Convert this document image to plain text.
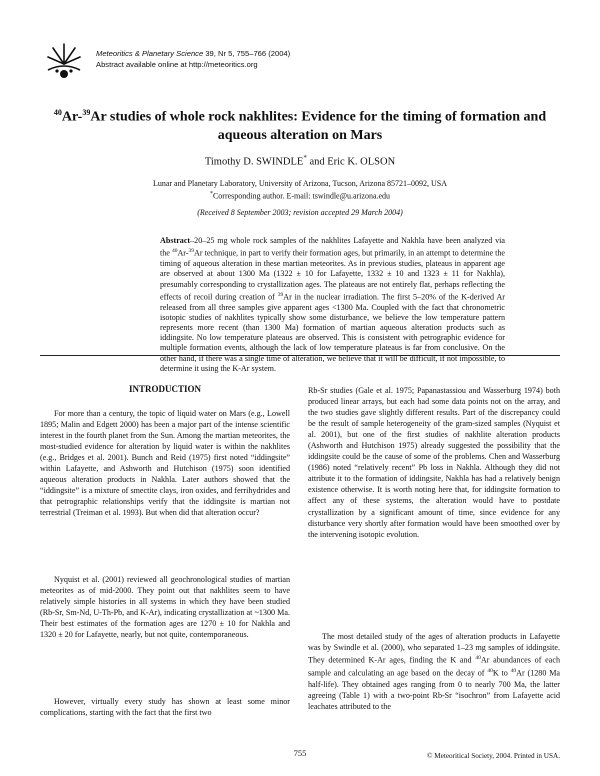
Meteoritics & Planetary Science 39, Nr 5, 755–766 (2004)
Abstract available online at http://meteoritics.org
$^{40}$Ar-$^{39}$Ar studies of whole rock nakhlites: Evidence for the timing of formation and aqueous alteration on Mars
Timothy D. SWINDLE* and Eric K. OLSON
Lunar and Planetary Laboratory, University of Arizona, Tucson, Arizona 85721–0092, USA
*Corresponding author. E-mail: tswindle@u.arizona.edu
(Received 8 September 2003; revision accepted 29 March 2004)

Abstract–20–25 mg whole rock samples of the nakhlites Lafayette and Nakhla have been analyzed via the $^{40}$Ar-$^{39}$Ar technique, in part to verify their formation ages, but primarily, in an attempt to determine the timing of aqueous alteration in these martian meteorites. As in previous studies, plateaus in apparent age are observed at about 1300 Ma (1322 ± 10 for Lafayette, 1332 ± 10 and 1323 ± 11 for Nakhla), presumably corresponding to crystallization ages. The plateaus are not entirely flat, perhaps reflecting the effects of recoil during creation of $^{39}$Ar in the nuclear irradiation. The first 5–20% of the K-derived Ar released from all three samples give apparent ages <1300 Ma. Coupled with the fact that chronometric isotopic studies of nakhlites typically show some disturbance, we believe the low temperature pattern represents more recent (than 1300 Ma) formation of martian aqueous alteration products such as iddingsite. No low temperature plateaus are observed. This is consistent with petrographic evidence for multiple formation events, although the lack of low temperature plateaus is far from conclusive. On the other hand, if there was a single time of alteration, we believe that it will be difficult, if not impossible, to determine it using the K-Ar system.

INTRODUCTION

For more than a century, the topic of liquid water on Mars (e.g., Lowell 1895; Malin and Edgett 2000) has been a major part of the intense scientific interest in the fourth planet from the Sun. Among the martian meteorites, the most-studied evidence for alteration by liquid water is within the nakhlites (e.g., Bridges et al. 2001). Bunch and Reid (1975) first noted “iddingsite” within Lafayette, and Ashworth and Hutchison (1975) soon identified aqueous alteration products in Nakhla. Later authors showed that the “iddingsite” is a mixture of smectite clays, iron oxides, and ferrihydrides and that petrographic relationships verify that the iddingsite is martian not terrestrial (Treiman et al. 1993). But when did that alteration occur?

Nyquist et al. (2001) reviewed all geochronological studies of martian meteorites as of mid-2000. They point out that nakhlites seem to have relatively simple histories in all systems in which they have been studied (Rb-Sr, Sm-Nd, U-Th-Pb, and K-Ar), indicating crystallization at ~1300 Ma. Their best estimates of the formation ages are 1270 ± 10 for Nakhla and 1320 ± 20 for Lafayette, nearly, but not quite, contemporaneous.

However, virtually every study has shown at least some minor complications, starting with the fact that the first two

Rb-Sr studies (Gale et al. 1975; Papanastassiou and Wasserburg 1974) both produced linear arrays, but each had some data points not on the array, and the two studies gave slightly different results. Part of the discrepancy could be the result of sample heterogeneity of the gram-sized samples (Nyquist et al. 2001), but one of the first studies of nakhlite alteration products (Ashworth and Hutchison 1975) already suggested the possibility that the iddingsite could be the cause of some of the problems. Chen and Wasserburg (1986) noted “relatively recent” Pb loss in Nakhla. Although they did not attribute it to the formation of iddingsite, Nakhla has had a relatively benign existence otherwise. It is worth noting here that, for iddingsite formation to affect any of these systems, the alteration would have to postdate crystallization by a significant amount of time, since evidence for any disturbance very shortly after formation would have been smoothed over by the intervening isotopic evolution.

The most detailed study of the ages of alteration products in Lafayette was by Swindle et al. (2000), who separated 1–23 mg samples of iddingsite. They determined K-Ar ages, finding the K and $^{40}$Ar abundances of each sample and calculating an age based on the decay of $^{40}$K to $^{40}$Ar (1280 Ma half-life). They obtained ages ranging from 0 to nearly 700 Ma, the latter agreeing (Table 1) with a two-point Rb-Sr “isochron” from Lafayette acid leachates attributed to the

755	© Meteoritical Society, 2004. Printed in USA.
